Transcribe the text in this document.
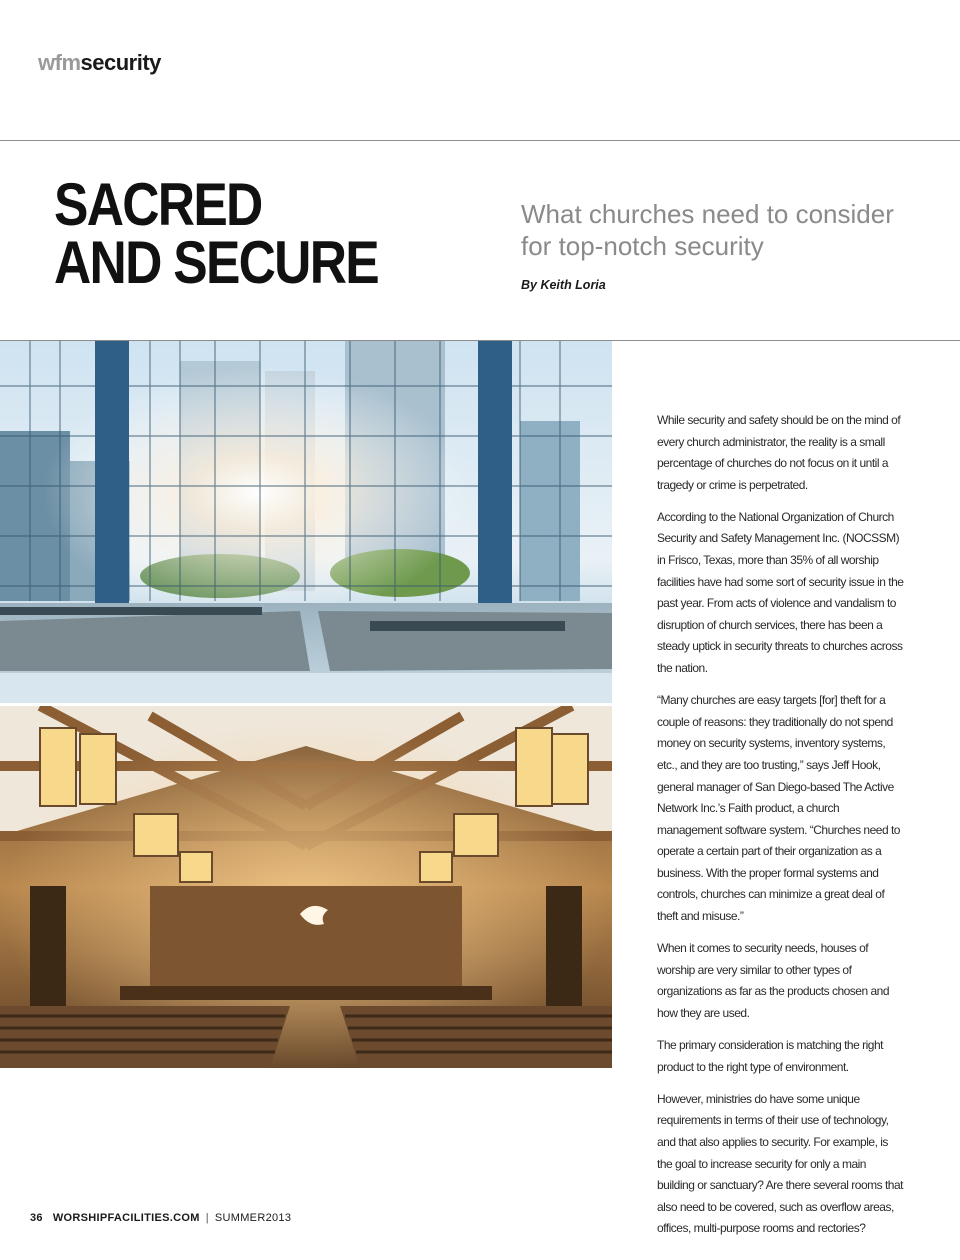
wfmsecurity
SACRED
AND SECURE
What churches need to consider
for top-notch security
By Keith Loria

While security and safety should be on the mind of every church administrator, the reality is a small percentage of churches do not focus on it until a tragedy or crime is perpetrated.

According to the National Organization of Church Security and Safety Management Inc. (NOCSSM) in Frisco, Texas, more than 35% of all worship facilities have had some sort of security issue in the past year. From acts of violence and vandalism to disruption of church services, there has been a steady uptick in security threats to churches across the nation.

“Many churches are easy targets [for] theft for a couple of reasons: they traditionally do not spend money on security systems, inventory systems, etc., and they are too trusting,” says Jeff Hook, general manager of San Diego-based The Active Network Inc.’s Faith product, a church management software system. “Churches need to operate a certain part of their organization as a business. With the proper formal systems and controls, churches can minimize a great deal of theft and misuse.”

When it comes to security needs, houses of worship are very similar to other types of organizations as far as the products chosen and how they are used.

The primary consideration is matching the right product to the right type of environment.

However, ministries do have some unique requirements in terms of their use of technology, and that also applies to security. For example, is the goal to increase security for only a main building or sanctuary? Are there several rooms that also need to be covered, such as overflow areas, offices, multi-purpose rooms and rectories?

36 WORSHIPFACILITIES.COM | SUMMER2013
